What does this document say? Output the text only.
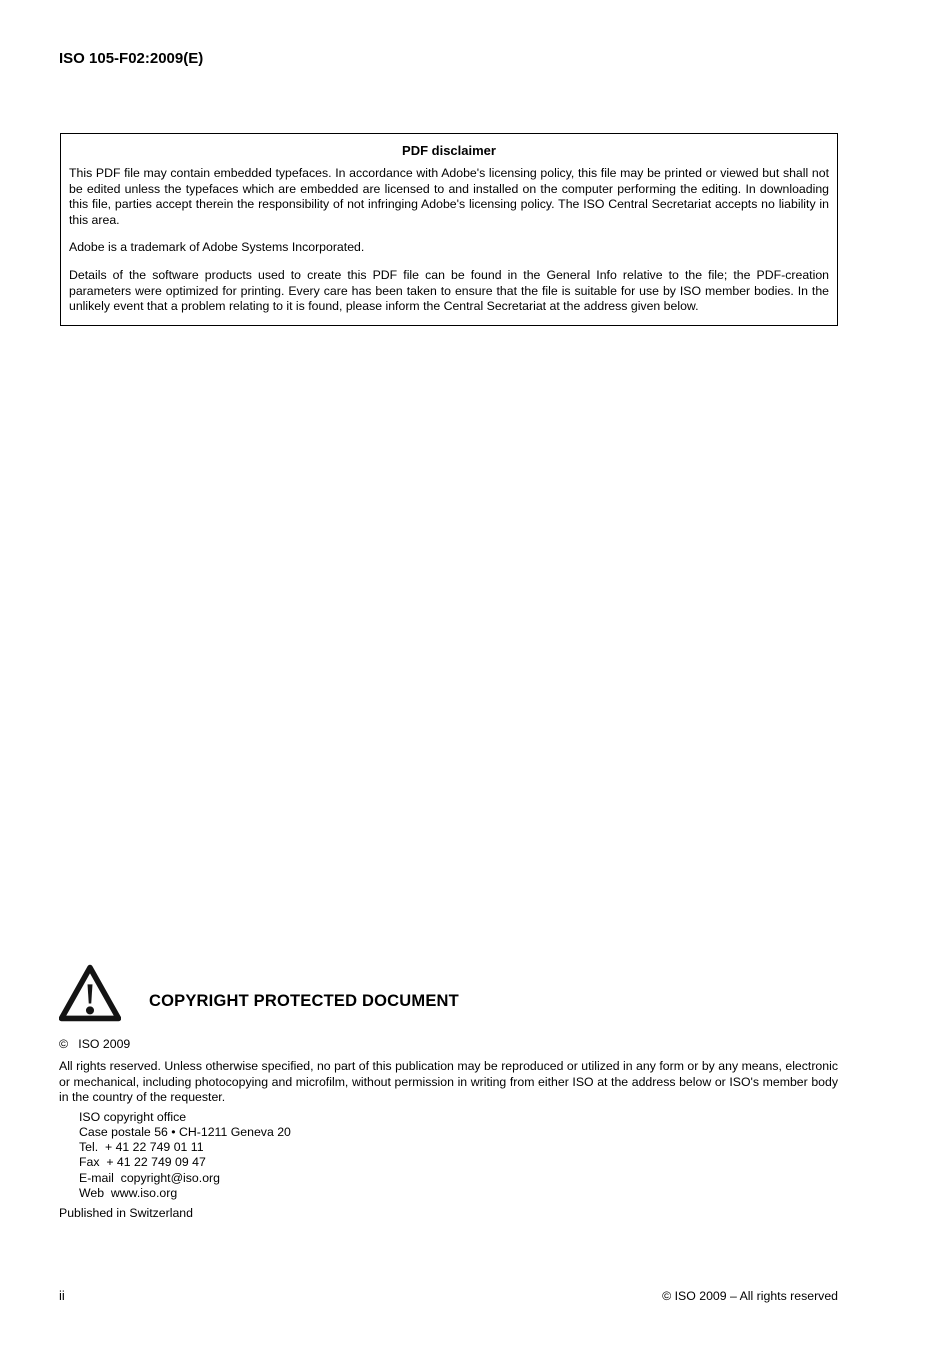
ISO 105-F02:2009(E)
PDF disclaimer

This PDF file may contain embedded typefaces. In accordance with Adobe's licensing policy, this file may be printed or viewed but shall not be edited unless the typefaces which are embedded are licensed to and installed on the computer performing the editing. In downloading this file, parties accept therein the responsibility of not infringing Adobe's licensing policy. The ISO Central Secretariat accepts no liability in this area.

Adobe is a trademark of Adobe Systems Incorporated.

Details of the software products used to create this PDF file can be found in the General Info relative to the file; the PDF-creation parameters were optimized for printing. Every care has been taken to ensure that the file is suitable for use by ISO member bodies. In the unlikely event that a problem relating to it is found, please inform the Central Secretariat at the address given below.

COPYRIGHT PROTECTED DOCUMENT
©   ISO 2009
All rights reserved. Unless otherwise specified, no part of this publication may be reproduced or utilized in any form or by any means, electronic or mechanical, including photocopying and microfilm, without permission in writing from either ISO at the address below or ISO's member body in the country of the requester.
ISO copyright office
Case postale 56 • CH-1211 Geneva 20
Tel.  + 41 22 749 01 11
Fax  + 41 22 749 09 47
E-mail  copyright@iso.org
Web  www.iso.org
Published in Switzerland
ii	© ISO 2009 – All rights reserved
